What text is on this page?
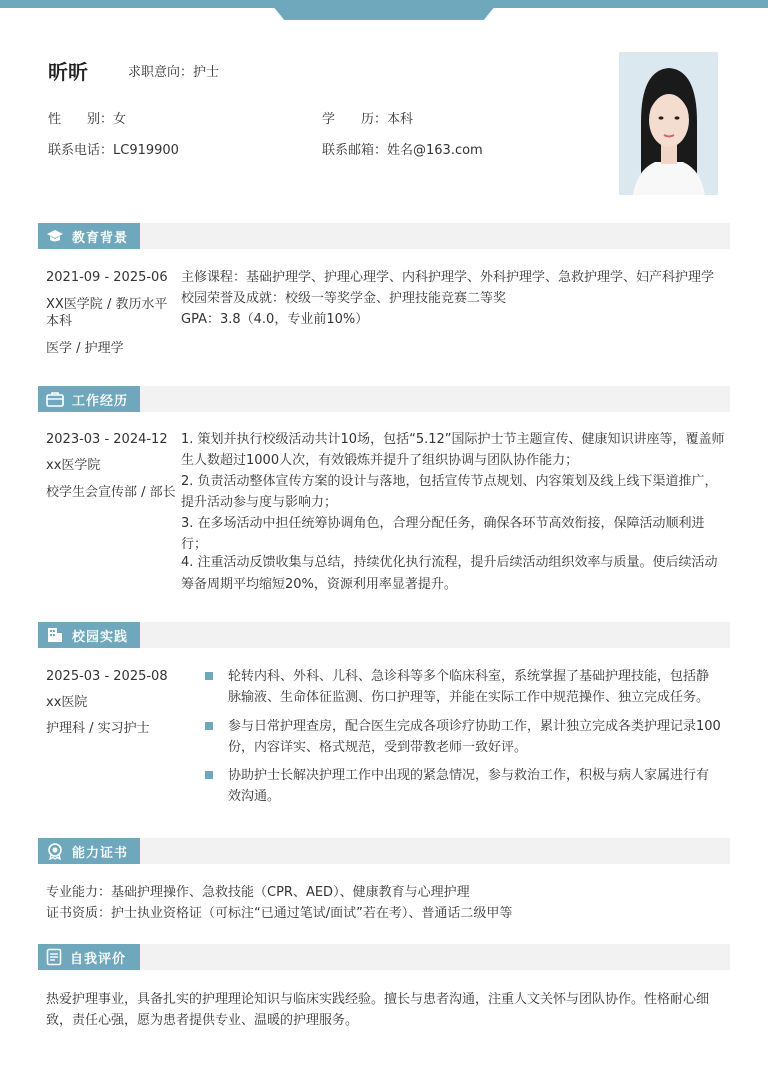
昕昕	求职意向：护士
性　　别：女	学　　历：本科
联系电话：LC919900	联系邮箱：姓名@163.com
教育背景
2021-09 - 2025-06
XX医学院 / 教历水平
本科
医学 / 护理学
主修课程：基础护理学、护理心理学、内科护理学、外科护理学、急救护理学、妇产科护理学
校园荣誉及成就：校级一等奖学金、护理技能竞赛二等奖
GPA：3.8（4.0，专业前10%）
工作经历
2023-03 - 2024-12
xx医学院
校学生会宣传部 / 部长
1. 策划并执行校级活动共计10场，包括“5.12”国际护士节主题宣传、健康知识讲座等，覆盖师
生人数超过1000人次，有效锻炼并提升了组织协调与团队协作能力；
2. 负责活动整体宣传方案的设计与落地，包括宣传节点规划、内容策划及线上线下渠道推广，
提升活动参与度与影响力；
3. 在多场活动中担任统筹协调角色，合理分配任务，确保各环节高效衔接，保障活动顺利进
行；
4. 注重活动反馈收集与总结，持续优化执行流程，提升后续活动组织效率与质量。使后续活动
筹备周期平均缩短20%，资源利用率显著提升。
校园实践
2025-03 - 2025-08
xx医院
护理科 / 实习护士
轮转内科、外科、儿科、急诊科等多个临床科室，系统掌握了基础护理技能，包括静
脉输液、生命体征监测、伤口护理等，并能在实际工作中规范操作、独立完成任务。
参与日常护理查房，配合医生完成各项诊疗协助工作，累计独立完成各类护理记录100
份，内容详实、格式规范，受到带教老师一致好评。
协助护士长解决护理工作中出现的紧急情况，参与救治工作，积极与病人家属进行有
效沟通。
能力证书
专业能力：基础护理操作、急救技能（CPR、AED）、健康教育与心理护理
证书资质：护士执业资格证（可标注“已通过笔试/面试”若在考）、普通话二级甲等
自我评价
热爱护理事业，具备扎实的护理理论知识与临床实践经验。擅长与患者沟通，注重人文关怀与团队协作。性格耐心细
致，责任心强，愿为患者提供专业、温暖的护理服务。
